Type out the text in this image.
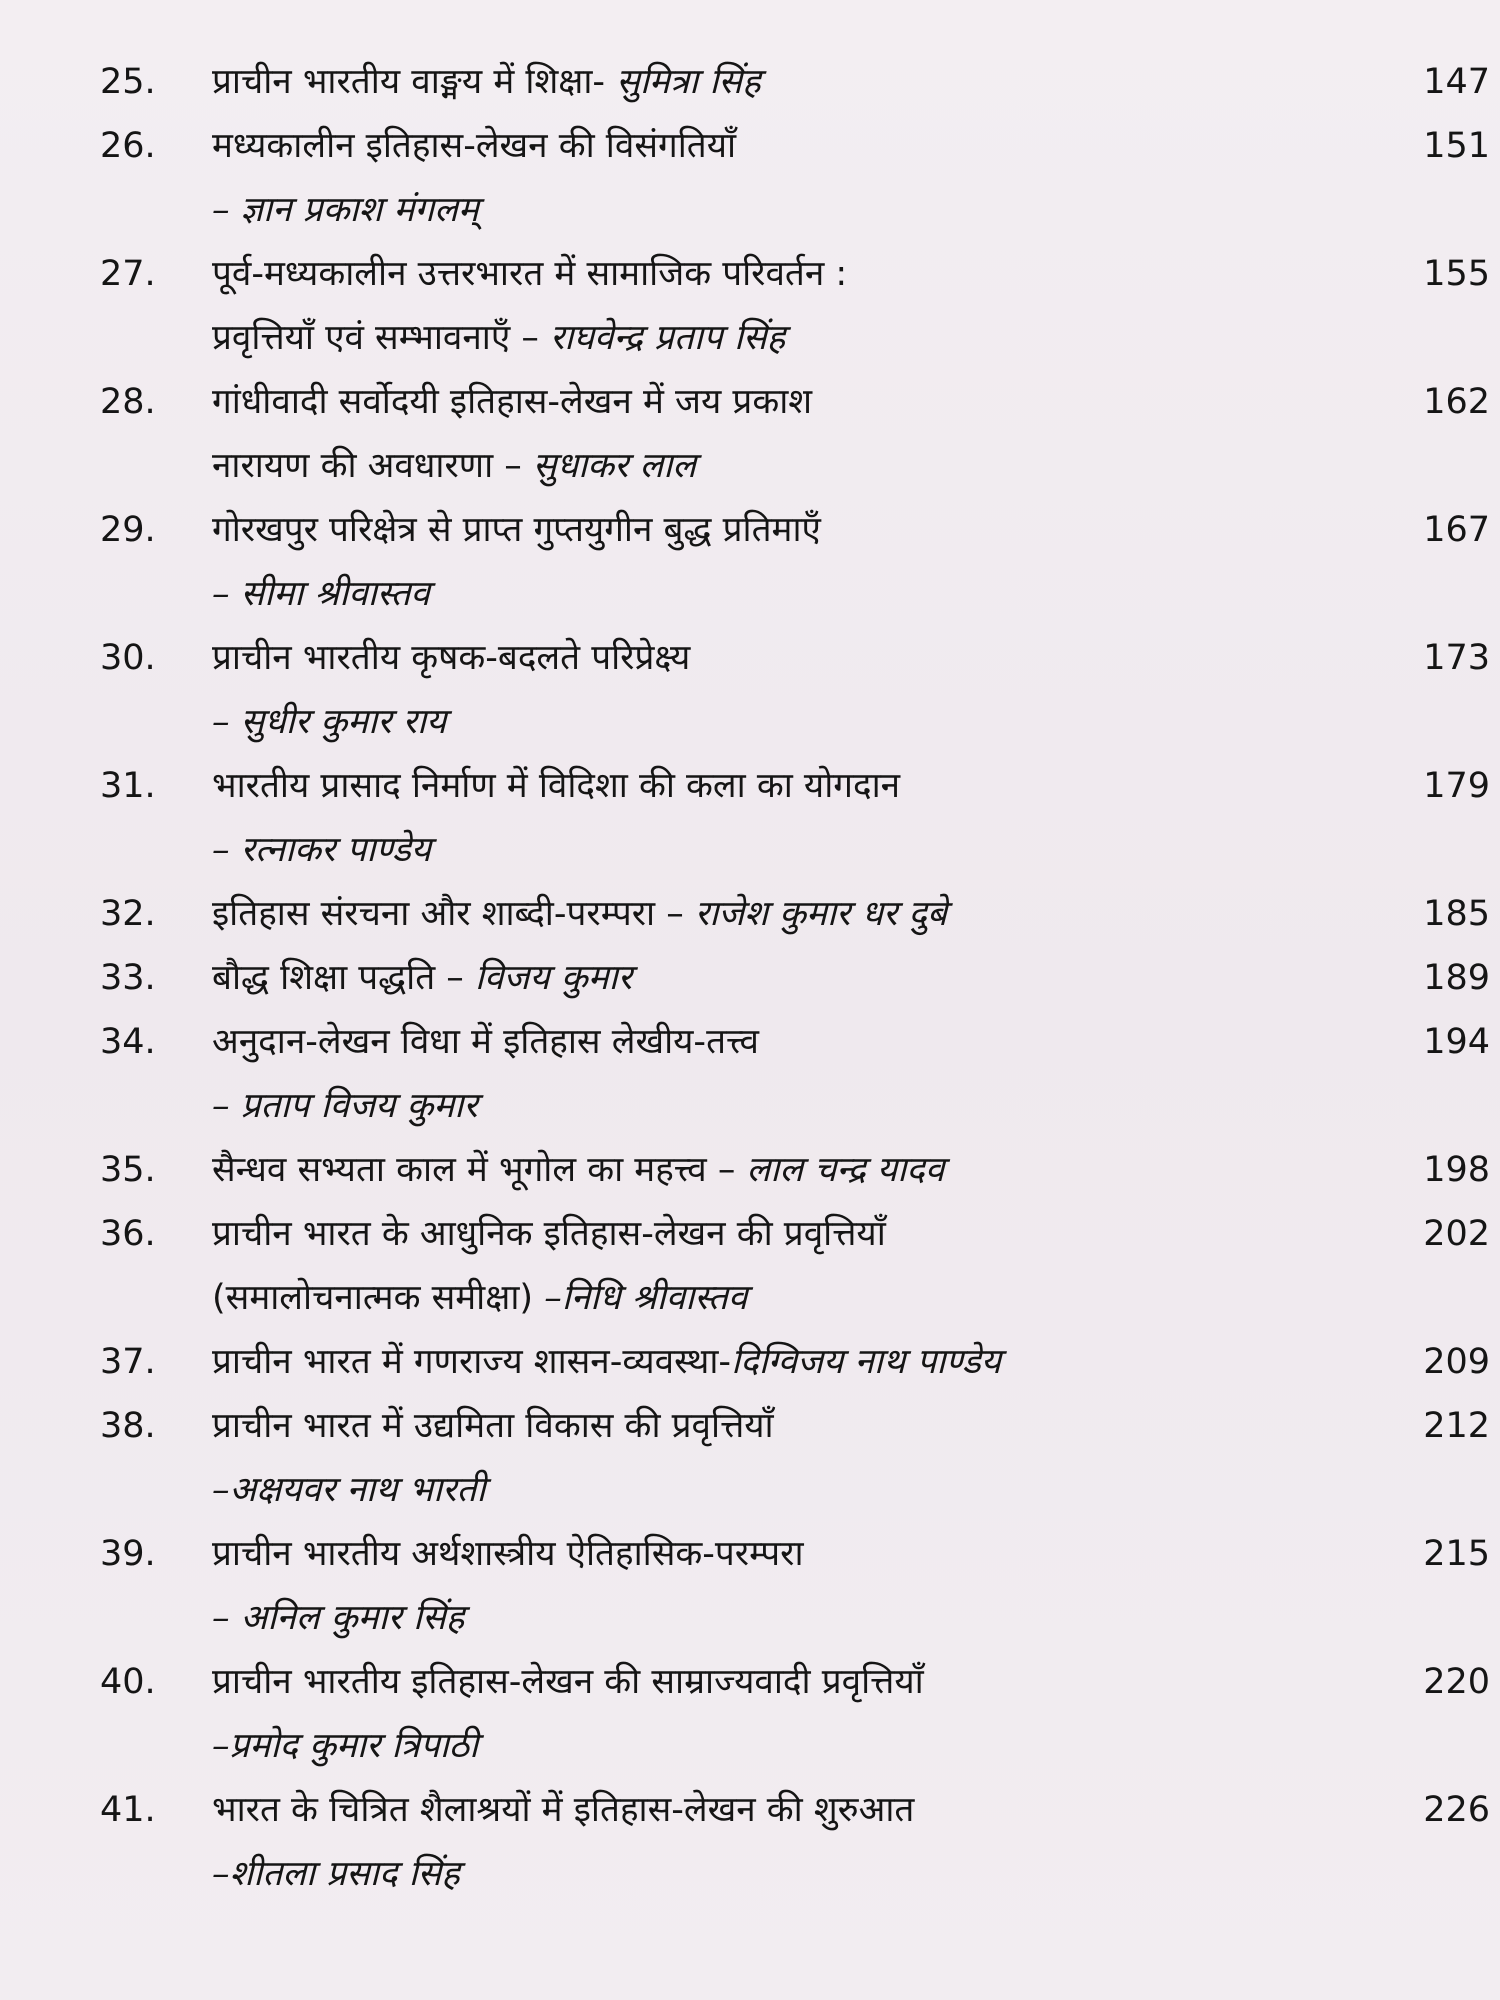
25.	प्राचीन भारतीय वाङ्मय में शिक्षा- सुमित्रा सिंह	147
26.	मध्यकालीन इतिहास-लेखन की विसंगतियाँ	151
– ज्ञान प्रकाश मंगलम्
27.	पूर्व-मध्यकालीन उत्तरभारत में सामाजिक परिवर्तन :	155
प्रवृत्तियाँ एवं सम्भावनाएँ – राघवेन्द्र प्रताप सिंह
28.	गांधीवादी सर्वोदयी इतिहास-लेखन में जय प्रकाश	162
नारायण की अवधारणा – सुधाकर लाल
29.	गोरखपुर परिक्षेत्र से प्राप्त गुप्तयुगीन बुद्ध प्रतिमाएँ	167
– सीमा श्रीवास्तव
30.	प्राचीन भारतीय कृषक-बदलते परिप्रेक्ष्य	173
– सुधीर कुमार राय
31.	भारतीय प्रासाद निर्माण में विदिशा की कला का योगदान	179
– रत्नाकर पाण्डेय
32.	इतिहास संरचना और शाब्दी-परम्परा – राजेश कुमार धर दुबे	185
33.	बौद्ध शिक्षा पद्धति – विजय कुमार	189
34.	अनुदान-लेखन विधा में इतिहास लेखीय-तत्त्व	194
– प्रताप विजय कुमार
35.	सैन्धव सभ्यता काल में भूगोल का महत्त्व – लाल चन्द्र यादव	198
36.	प्राचीन भारत के आधुनिक इतिहास-लेखन की प्रवृत्तियाँ	202
(समालोचनात्मक समीक्षा) –निधि श्रीवास्तव
37.	प्राचीन भारत में गणराज्य शासन-व्यवस्था-दिग्विजय नाथ पाण्डेय	209
38.	प्राचीन भारत में उद्यमिता विकास की प्रवृत्तियाँ	212
–अक्षयवर नाथ भारती
39.	प्राचीन भारतीय अर्थशास्त्रीय ऐतिहासिक-परम्परा	215
– अनिल कुमार सिंह
40.	प्राचीन भारतीय इतिहास-लेखन की साम्राज्यवादी प्रवृत्तियाँ	220
–प्रमोद कुमार त्रिपाठी
41.	भारत के चित्रित शैलाश्रयों में इतिहास-लेखन की शुरुआत	226
–शीतला प्रसाद सिंह
